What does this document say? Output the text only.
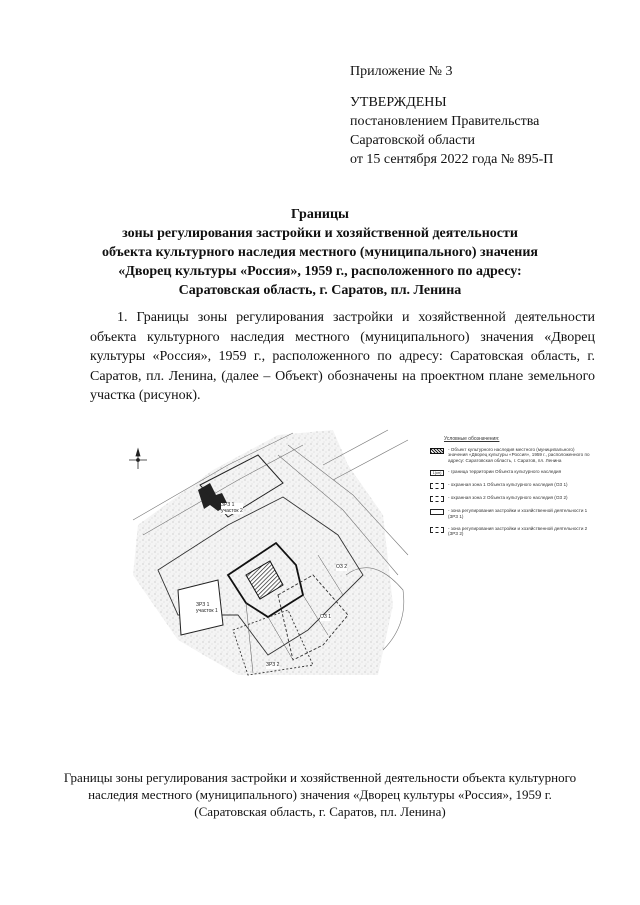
Приложение № 3
УТВЕРЖДЕНЫ
постановлением Правительства
Саратовской области
от 15 сентября 2022 года № 895-П
Границы
зоны регулирования застройки и хозяйственной деятельности
объекта культурного наследия местного (муниципального) значения
«Дворец культуры «Россия», 1959 г., расположенного по адресу:
Саратовская область, г. Саратов, пл. Ленина
1. Границы зоны регулирования застройки и хозяйственной деятельности объекта культурного наследия местного (муниципального) значения «Дворец культуры «Россия», 1959 г., расположенного по адресу: Саратовская область, г. Саратов, пл. Ленина, (далее – Объект) обозначены на проектном плане земельного участка (рисунок).
ЗРЗ 1
участок 2
ЗРЗ 1
участок 1
ОЗ 2
ОЗ 1
ЗРЗ 2
Условные обозначения:
- Объект культурного наследия местного (муниципального) значения «Дворец культуры «Россия», 1959 г., расположенного по адресу: Саратовская область, г. Саратов, пл. Ленина
1(кн)	- граница территории Объекта культурного наследия
- охранная зона 1 Объекта культурного наследия (ОЗ 1)
- охранная зона 2 Объекта культурного наследия (ОЗ 2)
- зона регулирования застройки и хозяйственной деятельности 1 (ЗРЗ 1)
- зона регулирования застройки и хозяйственной деятельности 2 (ЗРЗ 2)
Границы зоны регулирования застройки и хозяйственной деятельности объекта культурного
наследия местного (муниципального) значения «Дворец культуры «Россия», 1959 г.
(Саратовская область, г. Саратов, пл. Ленина)
